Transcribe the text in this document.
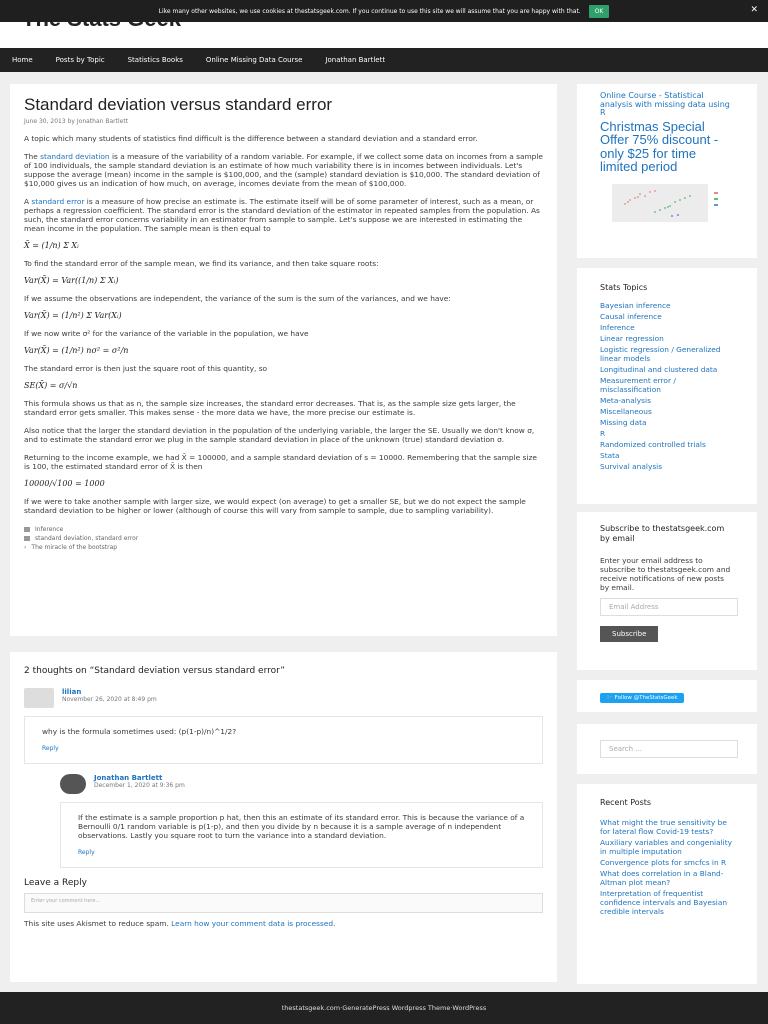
Like many other websites, we use cookies at thestatsgeek.com. If you continue to use this site we will assume that you are happy with that.	OK	✕
Home	Posts by Topic	Statistics Books	Online Missing Data Course	Jonathan Bartlett
Standard deviation versus standard error
June 30, 2013 by Jonathan Bartlett

A topic which many students of statistics find difficult is the difference between a standard deviation and a standard error.

The standard deviation is a measure of the variability of a random variable. For example, if we collect some data on incomes from a sample of 100 individuals, the sample standard deviation is an estimate of how much variability there is in incomes between individuals. Let's suppose the average (mean) income in the sample is $100,000, and the (sample) standard deviation is $10,000. The standard deviation of $10,000 gives us an indication of how much, on average, incomes deviate from the mean of $100,000.

A standard error is a measure of how precise an estimate is. The estimate itself will be of some parameter of interest, such as a mean, or perhaps a regression coefficient. The standard error is the standard deviation of the estimator in repeated samples from the population. As such, the standard error concerns variability in an estimator from sample to sample. Let's suppose we are interested in estimating the mean income in the population. The sample mean is then equal to

X̄ = (1/n) Σ Xᵢ

To find the standard error of the sample mean, we find its variance, and then take square roots:

Var(X̄) = Var((1/n) Σ Xᵢ)

If we assume the observations are independent, the variance of the sum is the sum of the variances, and we have:

Var(X̄) = (1/n²) Σ Var(Xᵢ)

If we now write σ² for the variance of the variable in the population, we have

Var(X̄) = (1/n²) nσ² = σ²/n

The standard error is then just the square root of this quantity, so

SE(X̄) = σ/√n

This formula shows us that as n, the sample size increases, the standard error decreases. That is, as the sample size gets larger, the standard error gets smaller. This makes sense - the more data we have, the more precise our estimate is.

Also notice that the larger the standard deviation in the population of the underlying variable, the larger the SE. Usually we don't know σ, and to estimate the standard error we plug in the sample standard deviation in place of the unknown (true) standard deviation σ.

Returning to the income example, we had X̄ = 100000, and a sample standard deviation of s = 10000. Remembering that the sample size is 100, the estimated standard error of X̄ is then

10000/√100 = 1000

If we were to take another sample with larger size, we would expect (on average) to get a smaller SE, but we do not expect the sample standard deviation to be higher or lower (although of course this will vary from sample to sample, due to sampling variability).

Inference
standard deviation, standard error
› The miracle of the bootstrap
2 thoughts on “Standard deviation versus standard error”
lilian
November 26, 2020 at 8:49 pm
why is the formula sometimes used: (p(1-p)/n)^1/2?
Reply
Jonathan Bartlett
December 1, 2020 at 9:36 pm
If the estimate is a sample proportion p hat, then this an estimate of its standard error. This is because the variance of a Bernoulli 0/1 random variable is p(1-p), and then you divide by n because it is a sample average of n independent observations. Lastly you square root to turn the variance into a standard deviation.
Reply
Leave a Reply
Enter your comment here...
This site uses Akismet to reduce spam. Learn how your comment data is processed.
Online Course - Statistical analysis with missing data using R
Christmas Special Offer 75% discount - only $25 for time limited period
Stats Topics
Bayesian inference
Causal inference
Inference
Linear regression
Logistic regression / Generalized linear models
Longitudinal and clustered data
Measurement error / misclassification
Meta-analysis
Miscellaneous
Missing data
R
Randomized controlled trials
Stata
Survival analysis
Subscribe to thestatsgeek.com by email
Enter your email address to subscribe to thestatsgeek.com and receive notifications of new posts by email.
Email Address
Subscribe
🐦 Follow @TheStatsGeek
Search ...
Recent Posts
What might the true sensitivity be for lateral flow Covid-19 tests?
Auxiliary variables and congeniality in multiple imputation
Convergence plots for smcfcs in R
What does correlation in a Bland-Altman plot mean?
Interpretation of frequentist confidence intervals and Bayesian credible intervals
thestatsgeek.com · GeneratePress Wordpress Theme · WordPress
